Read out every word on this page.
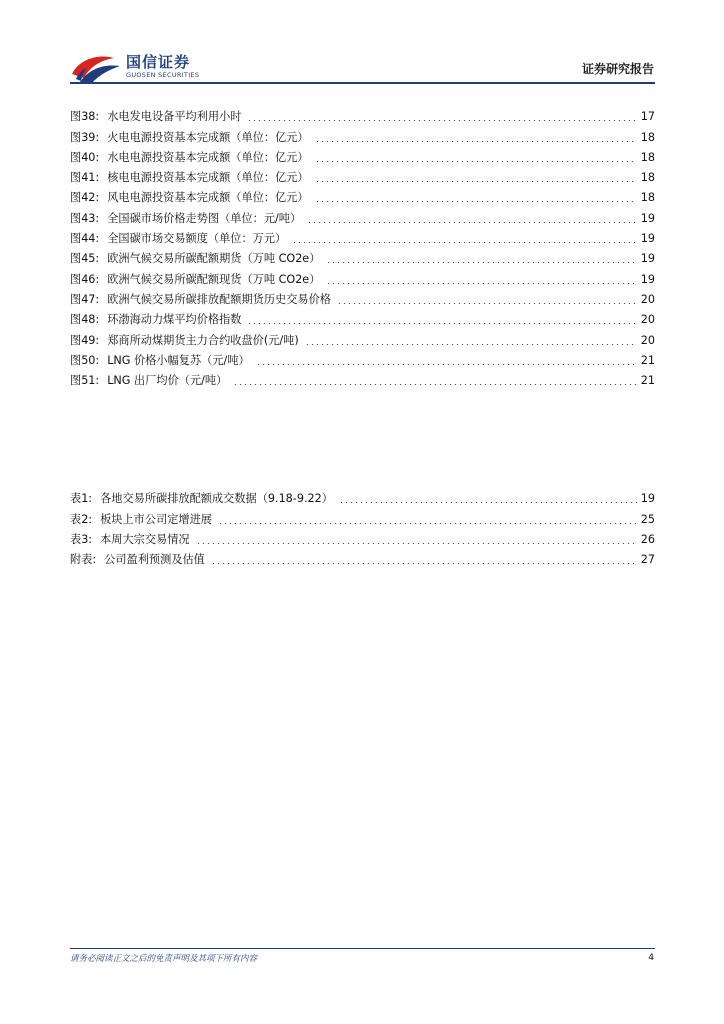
国信证券
GUOSEN SECURITIES	证券研究报告
图38: 水电发电设备平均利用小时	17
图39: 火电电源投资基本完成额（单位：亿元）	18
图40: 水电电源投资基本完成额（单位：亿元）	18
图41: 核电电源投资基本完成额（单位：亿元）	18
图42: 风电电源投资基本完成额（单位：亿元）	18
图43: 全国碳市场价格走势图（单位：元/吨）	19
图44: 全国碳市场交易额度（单位：万元）	19
图45: 欧洲气候交易所碳配额期货（万吨 CO2e）	19
图46: 欧洲气候交易所碳配额现货（万吨 CO2e）	19
图47: 欧洲气候交易所碳排放配额期货历史交易价格	20
图48: 环渤海动力煤平均价格指数	20
图49: 郑商所动煤期货主力合约收盘价(元/吨)	20
图50: LNG 价格小幅复苏（元/吨）	21
图51: LNG 出厂均价（元/吨）	21
表1: 各地交易所碳排放配额成交数据（9.18-9.22）	19
表2: 板块上市公司定增进展	25
表3: 本周大宗交易情况	26
附表: 公司盈利预测及估值	27
请务必阅读正文之后的免责声明及其项下所有内容	4
